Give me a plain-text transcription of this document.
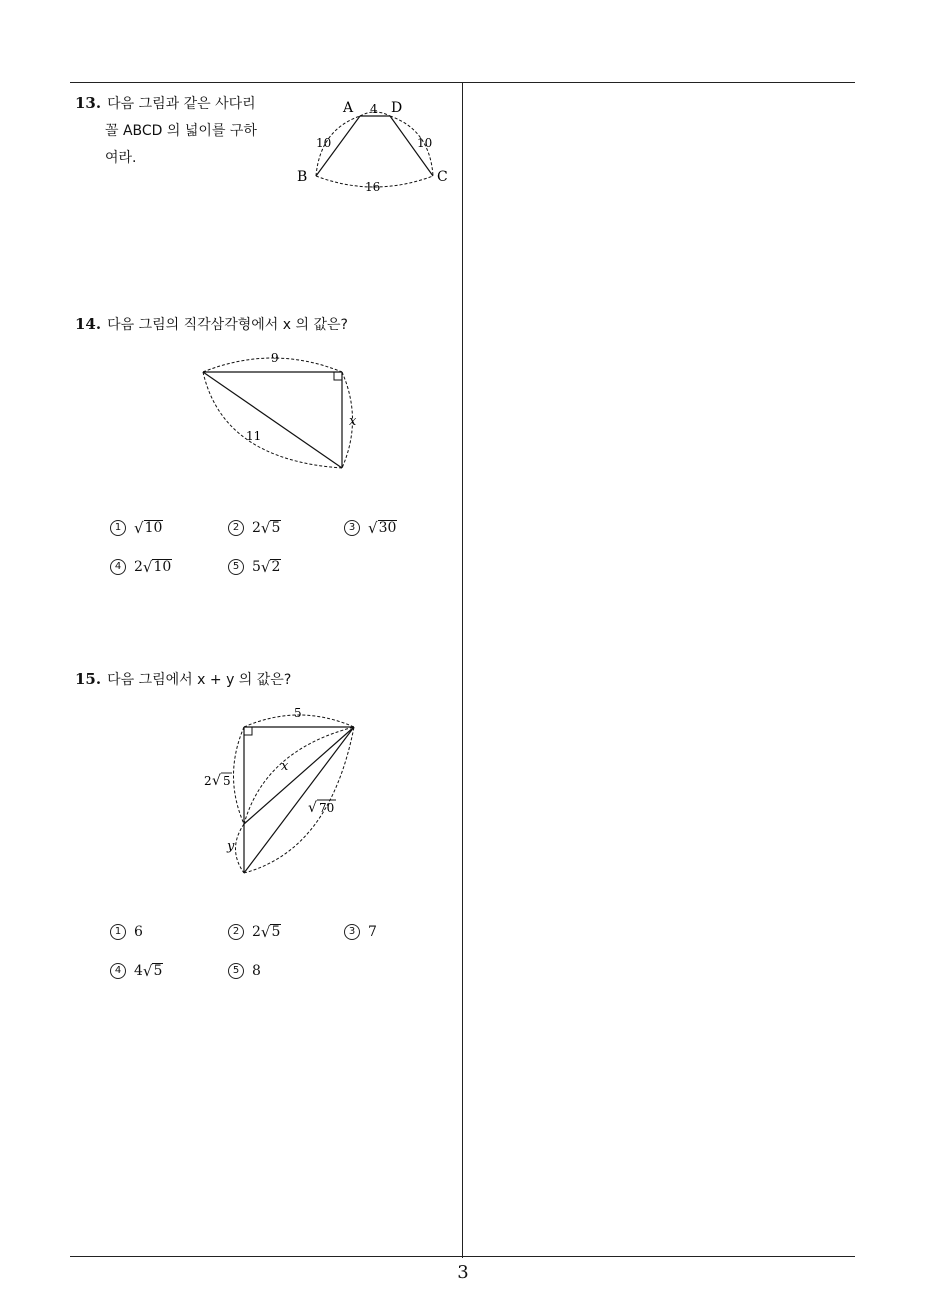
13. 다음 그림과 같은 사다리
꼴 ABCD 의 넓이를 구하
여라.
A	D
B	C
4
10	10
16
14. 다음 그림의 직각삼각형에서 x 의 값은?
9
11
x
1 √ 10	2 2 √ 5	3 √ 30
4 2 √ 10	5 5 √ 2
15. 다음 그림에서 x + y 의 값은?
5
2 √ 5
x
y
√ 70
1 6	2 2 √ 5	3 7
4 4 √ 5	5 8
3
